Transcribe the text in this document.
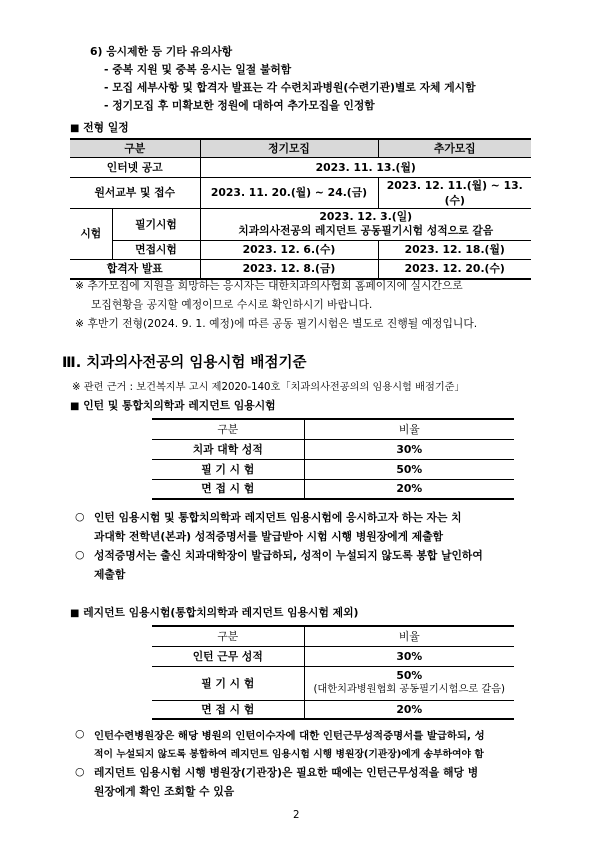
6) 응시제한 등 기타 유의사항
- 중복 지원 및 중복 응시는 일절 불허함
- 모집 세부사항 및 합격자 발표는 각 수련치과병원(수련기관)별로 자체 게시함
- 정기모집 후 미확보한 정원에 대하여 추가모집을 인정함
■ 전형 일정
구분		정기모집	추가모집
인터넷 공고		2023. 11. 13.(월)	
원서교부 및 접수		2023. 11. 20.(월) ~ 24.(금)	2023. 12. 11.(월) ~ 13.(수)
시험	필기시험	2023. 12. 3.(일)
치과의사전공의 레지던트 공동필기시험 성적으로 갈음	

	면접시험	2023. 12. 6.(수)	2023. 12. 18.(월)
합격자 발표		2023. 12. 8.(금)	2023. 12. 20.(수)
※ 추가모집에 지원을 희망하는 응시자는 대한치과의사협회 홈페이지에 실시간으로
모집현황을 공지할 예정이므로 수시로 확인하시기 바랍니다.
※ 후반기 전형(2024. 9. 1. 예정)에 따른 공동 필기시험은 별도로 진행될 예정입니다.
Ⅲ. 치과의사전공의 임용시험 배점기준
※ 관련 근거 : 보건복지부 고시 제2020-140호「치과의사전공의의 임용시험 배점기준」
■ 인턴 및 통합치의학과 레지던트 임용시험
구분	비율
치과 대학 성적	30%
필 기 시 험	50%
면 접 시 험	20%
○ 인턴 임용시험 및 통합치의학과 레지던트 임용시험에 응시하고자 하는 자는 치
과대학 전학년(본과) 성적증명서를 발급받아 시험 시행 병원장에게 제출함
○ 성적증명서는 출신 치과대학장이 발급하되, 성적이 누설되지 않도록 봉합 날인하여
제출함
■ 레지던트 임용시험(통합치의학과 레지던트 임용시험 제외)
구분	비율
인턴 근무 성적	30%
필 기 시 험	50%
(대한치과병원협회 공동필기시험으로 갈음)

면 접 시 험	20%
○ 인턴수련병원장은 해당 병원의 인턴이수자에 대한 인턴근무성적증명서를 발급하되, 성
적이 누설되지 않도록 봉합하여 레지던트 임용시험 시행 병원장(기관장)에게 송부하여야 함
○ 레지던트 임용시험 시행 병원장(기관장)은 필요한 때에는 인턴근무성적을 해당 병
원장에게 확인 조회할 수 있음
2
